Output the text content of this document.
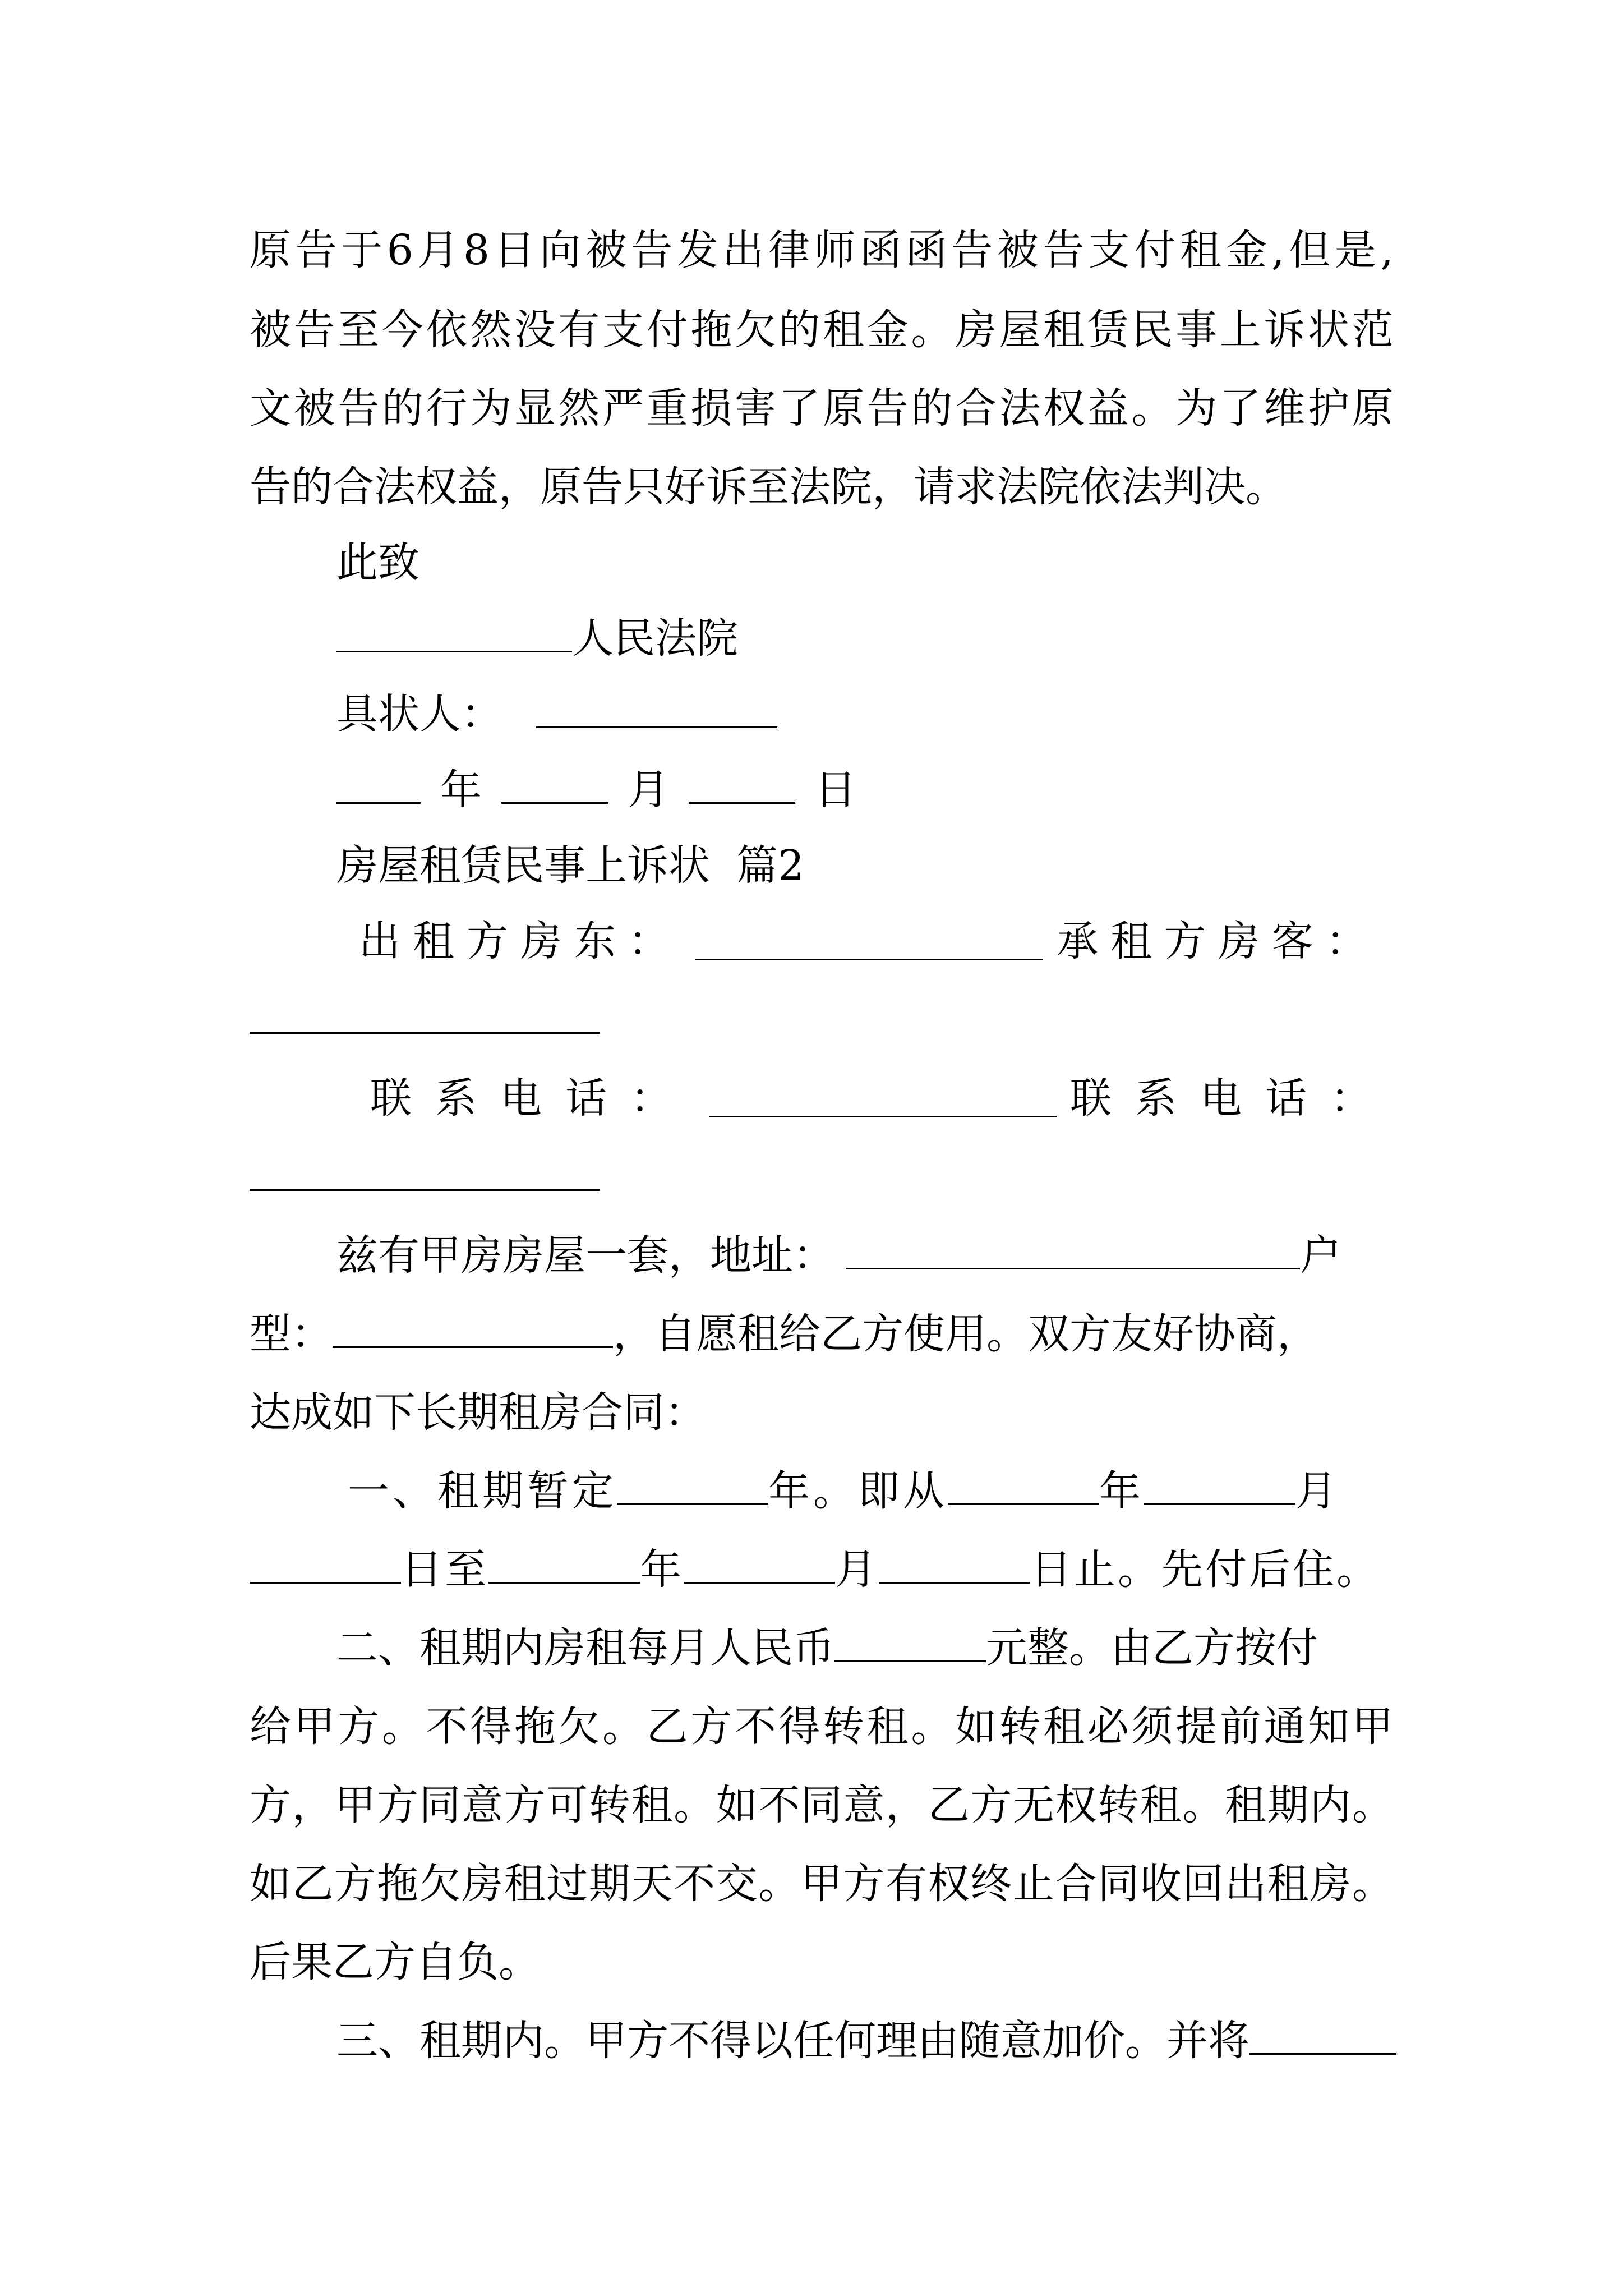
原 告 于 6 月 8 日 向 被 告 发 出 律 师 函 函 告 被 告 支 付 租 金 , 但 是 ,
被 告 至 今 依 然 没 有 支 付 拖 欠 的 租 金 。 房 屋 租 赁 民 事 上 诉 状 范
文 被 告 的 行 为 显 然 严 重 损 害 了 原 告 的 合 法 权 益 。 为 了 维 护 原
告的合法权益，原告只好诉至法院，请求法院依法判决。
此致
人民法院
具状人：
年	月	日
房屋租赁民事上诉状  篇2
出租方房东：	承租方房客：
联系电话：	联系电话：
兹有甲房房屋一套，地址：	户
型：	，自愿租给乙方使用。双方友好协商，
达成如下长期租房合同：
一、租期暂定	年。即从	年	月
日至	年	月	日止。先付后住。
二、租期内房租每月人民币	元整。由乙方按付
给 甲 方 。 不 得 拖 欠 。 乙 方 不 得 转 租 。 如 转 租 必 须 提 前 通 知 甲
方 ， 甲 方 同 意 方 可 转 租 。 如 不 同 意 ， 乙 方 无 权 转 租 。 租 期 内 。
如 乙 方 拖 欠 房 租 过 期 天 不 交 。 甲 方 有 权 终 止 合 同 收 回 出 租 房 。
后果乙方自负。
三、租期内。甲方不得以任何理由随意加价。并将
